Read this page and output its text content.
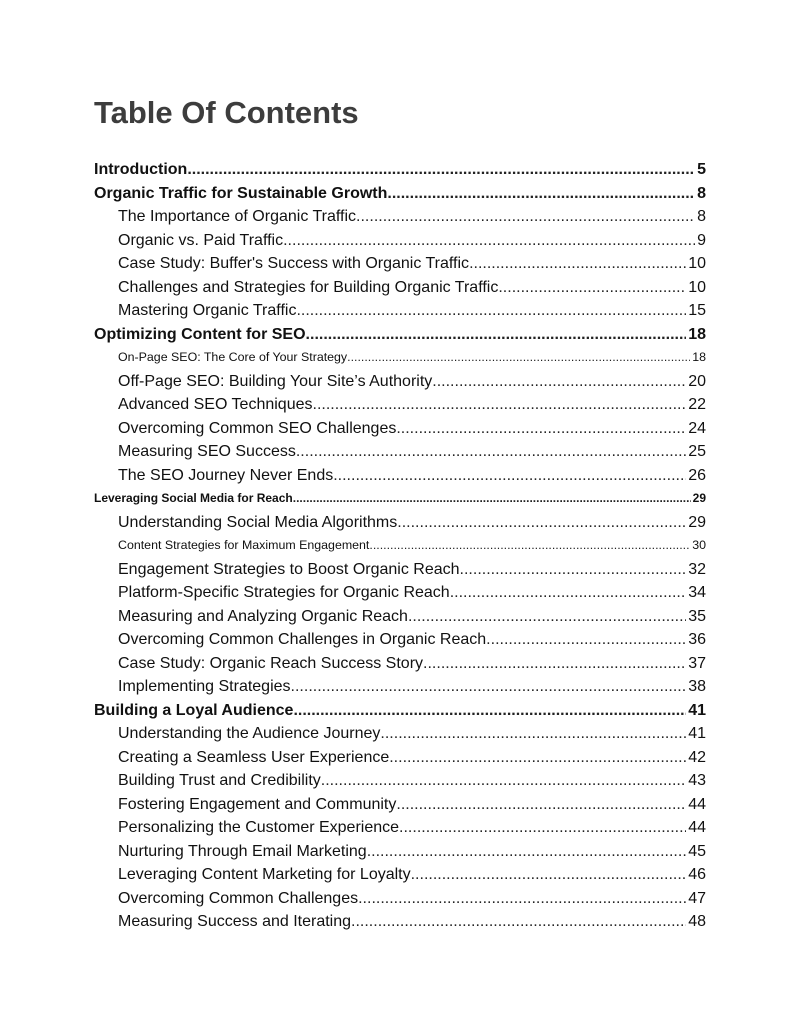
Table Of Contents
Introduction .....	5
Organic Traffic for Sustainable Growth .....	8
The Importance of Organic Traffic .....	8
Organic vs. Paid Traffic .....	9
Case Study: Buffer's Success with Organic Traffic .....	10
Challenges and Strategies for Building Organic Traffic .....	10
Mastering Organic Traffic .....	15
Optimizing Content for SEO .....	18
On-Page SEO: The Core of Your Strategy .....	18
Off-Page SEO: Building Your Site’s Authority .....	20
Advanced SEO Techniques .....	22
Overcoming Common SEO Challenges .....	24
Measuring SEO Success .....	25
The SEO Journey Never Ends .....	26
Leveraging Social Media for Reach .....	29
Understanding Social Media Algorithms .....	29
Content Strategies for Maximum Engagement .....	30
Engagement Strategies to Boost Organic Reach .....	32
Platform-Specific Strategies for Organic Reach .....	34
Measuring and Analyzing Organic Reach .....	35
Overcoming Common Challenges in Organic Reach .....	36
Case Study: Organic Reach Success Story .....	37
Implementing Strategies .....	38
Building a Loyal Audience .....	41
Understanding the Audience Journey .....	41
Creating a Seamless User Experience .....	42
Building Trust and Credibility .....	43
Fostering Engagement and Community .....	44
Personalizing the Customer Experience .....	44
Nurturing Through Email Marketing .....	45
Leveraging Content Marketing for Loyalty .....	46
Overcoming Common Challenges .....	47
Measuring Success and Iterating .....	48
